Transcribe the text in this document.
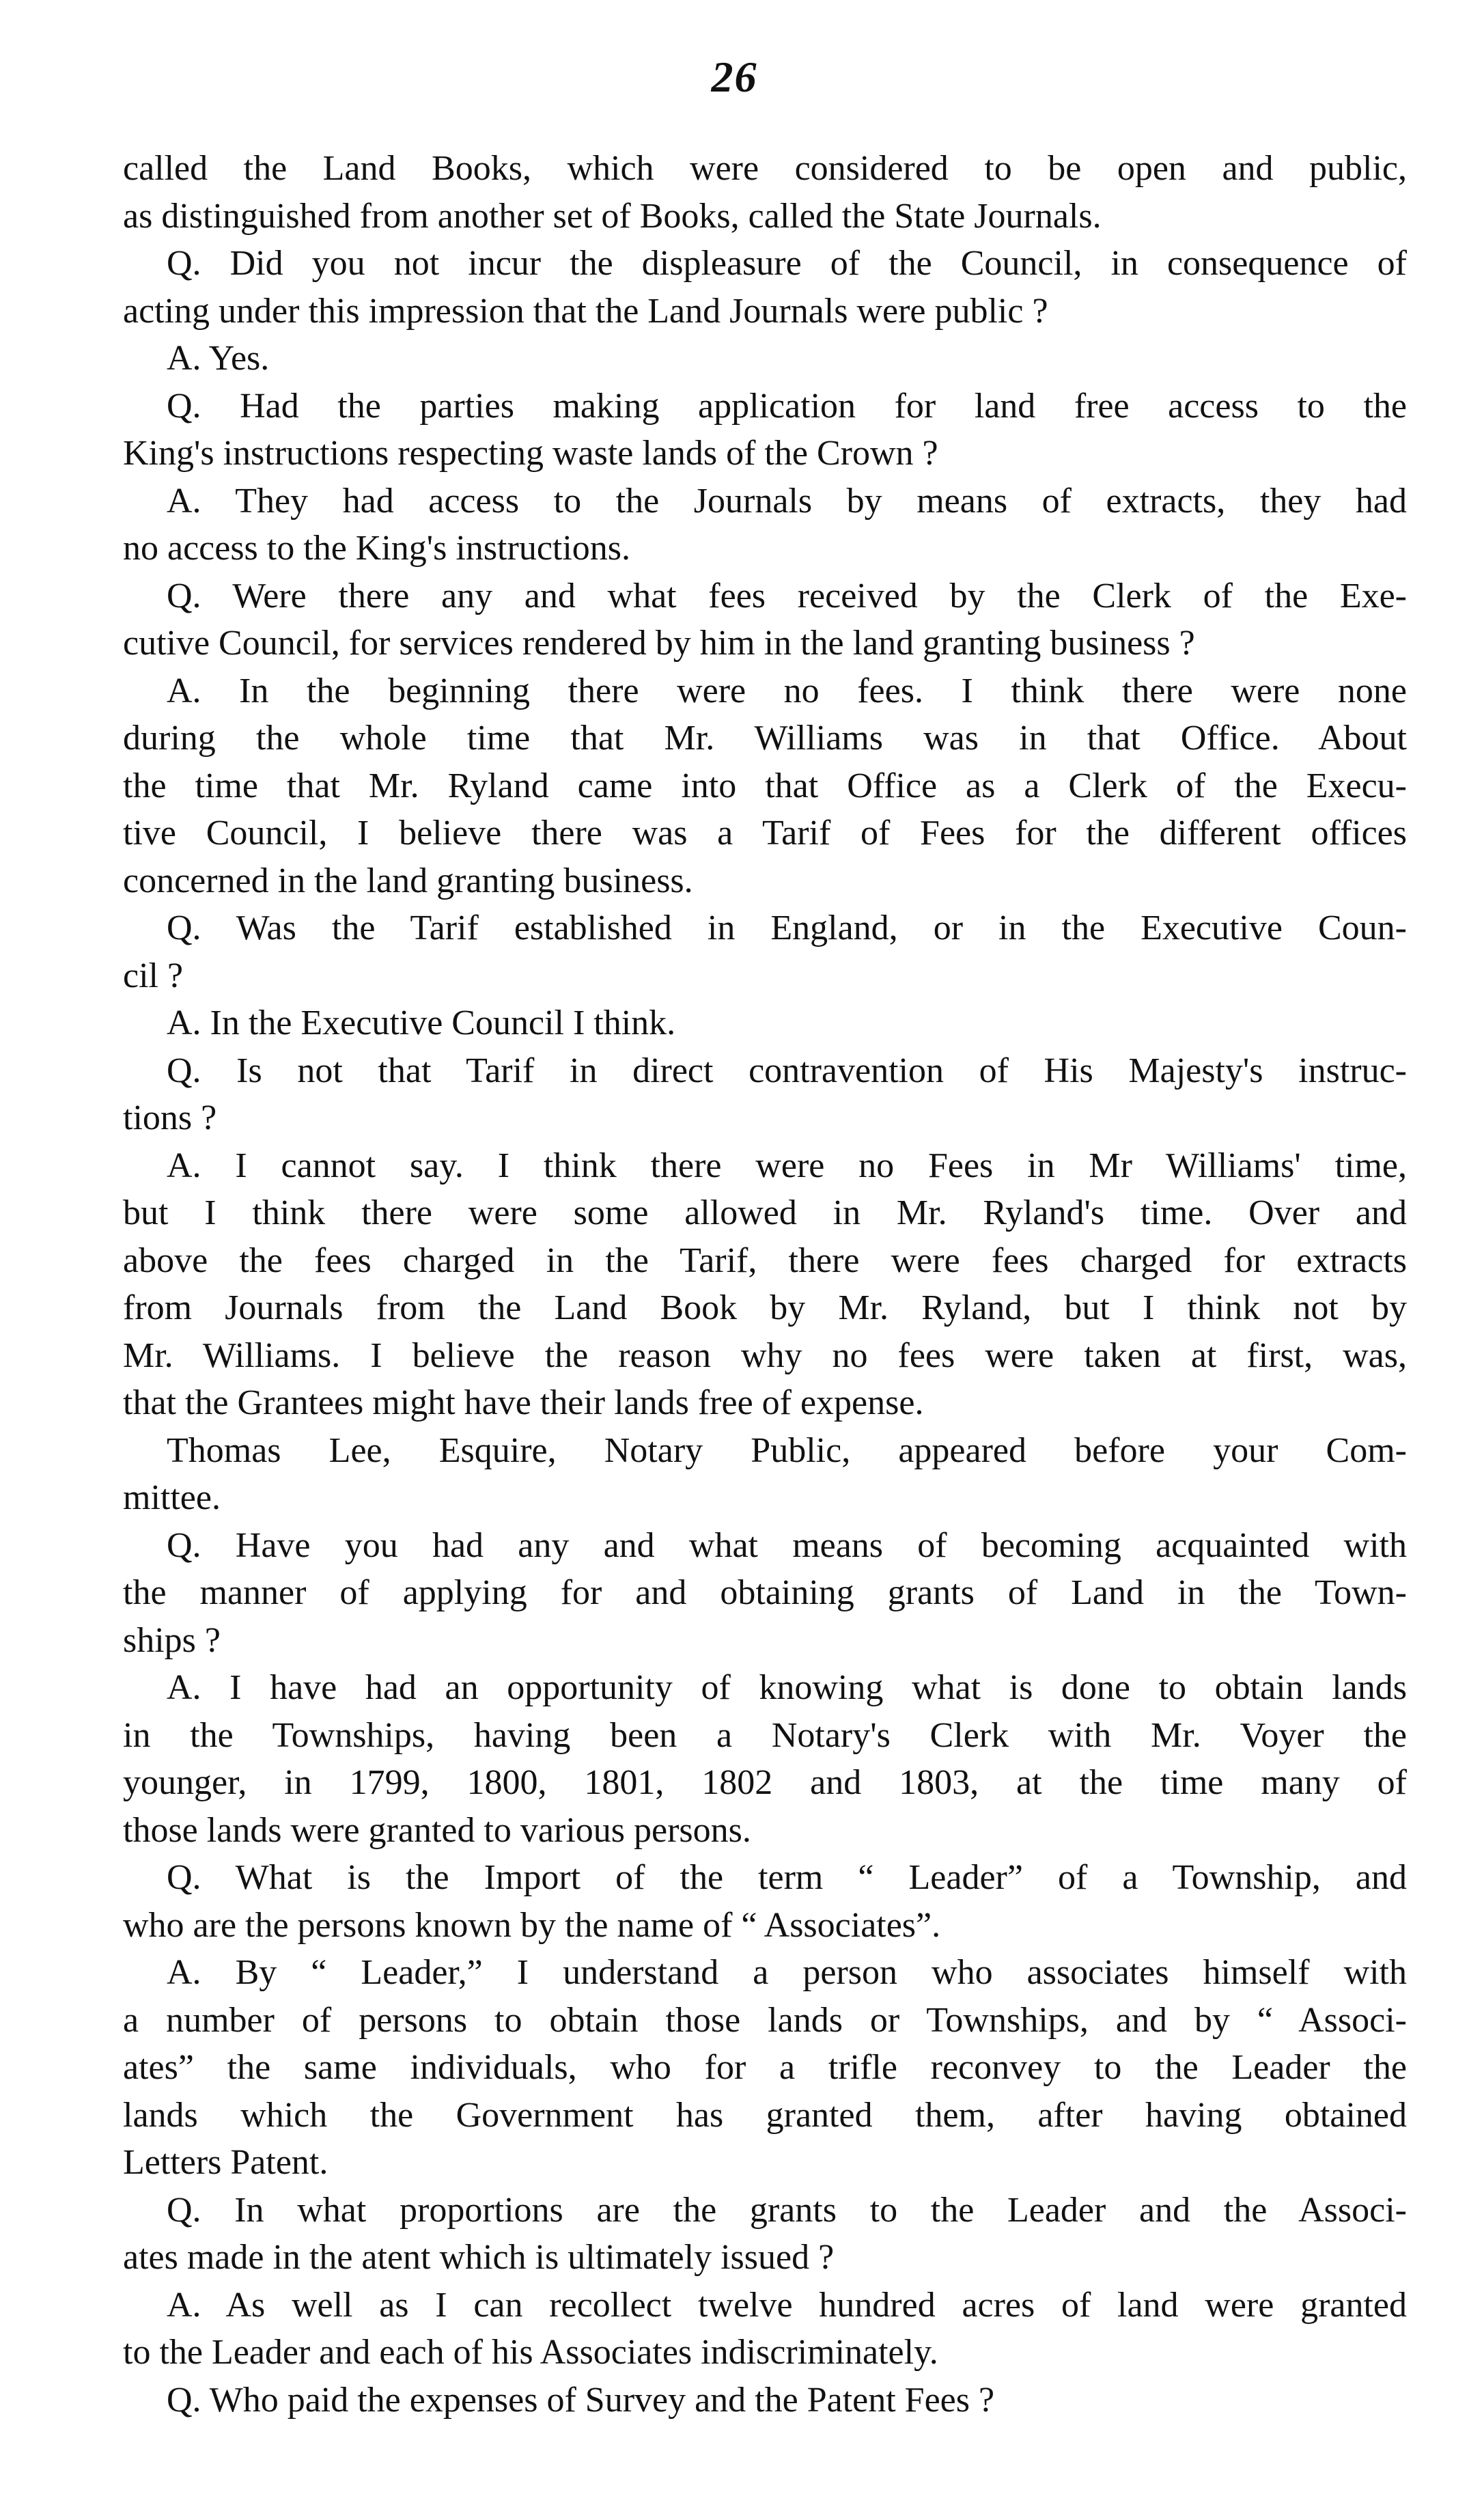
26
called the Land Books, which were considered to be open and public,
as distinguished from another set of Books, called the State Journals.
Q. Did you not incur the displeasure of the Council, in consequence of
acting under this impression that the Land Journals were public ?
A. Yes.
Q. Had the parties making application for land free access to the
King's instructions respecting waste lands of the Crown ?
A. They had access to the Journals by means of extracts, they had
no access to the King's instructions.
Q. Were there any and what fees received by the Clerk of the Exe-
cutive Council, for services rendered by him in the land granting business ?
A. In the beginning there were no fees. I think there were none
during the whole time that Mr. Williams was in that Office. About
the time that Mr. Ryland came into that Office as a Clerk of the Execu-
tive Council, I believe there was a Tarif of Fees for the different offices
concerned in the land granting business.
Q. Was the Tarif established in England, or in the Executive Coun-
cil ?
A. In the Executive Council I think.
Q. Is not that Tarif in direct contravention of His Majesty's instruc-
tions ?
A. I cannot say. I think there were no Fees in Mr Williams' time,
but I think there were some allowed in Mr. Ryland's time. Over and
above the fees charged in the Tarif, there were fees charged for extracts
from Journals from the Land Book by Mr. Ryland, but I think not by
Mr. Williams. I believe the reason why no fees were taken at first, was,
that the Grantees might have their lands free of expense.
Thomas Lee, Esquire, Notary Public, appeared before your Com-
mittee.
Q. Have you had any and what means of becoming acquainted with
the manner of applying for and obtaining grants of Land in the Town-
ships ?
A. I have had an opportunity of knowing what is done to obtain lands
in the Townships, having been a Notary's Clerk with Mr. Voyer the
younger, in 1799, 1800, 1801, 1802 and 1803, at the time many of
those lands were granted to various persons.
Q. What is the Import of the term “ Leader” of a Township, and
who are the persons known by the name of “ Associates”.
A. By “ Leader,” I understand a person who associates himself with
a number of persons to obtain those lands or Townships, and by “ Associ-
ates” the same individuals, who for a trifle reconvey to the Leader the
lands which the Government has granted them, after having obtained
Letters Patent.
Q. In what proportions are the grants to the Leader and the Associ-
ates made in the atent which is ultimately issued ?
A. As well as I can recollect twelve hundred acres of land were granted
to the Leader and each of his Associates indiscriminately.
Q. Who paid the expenses of Survey and the Patent Fees ?
